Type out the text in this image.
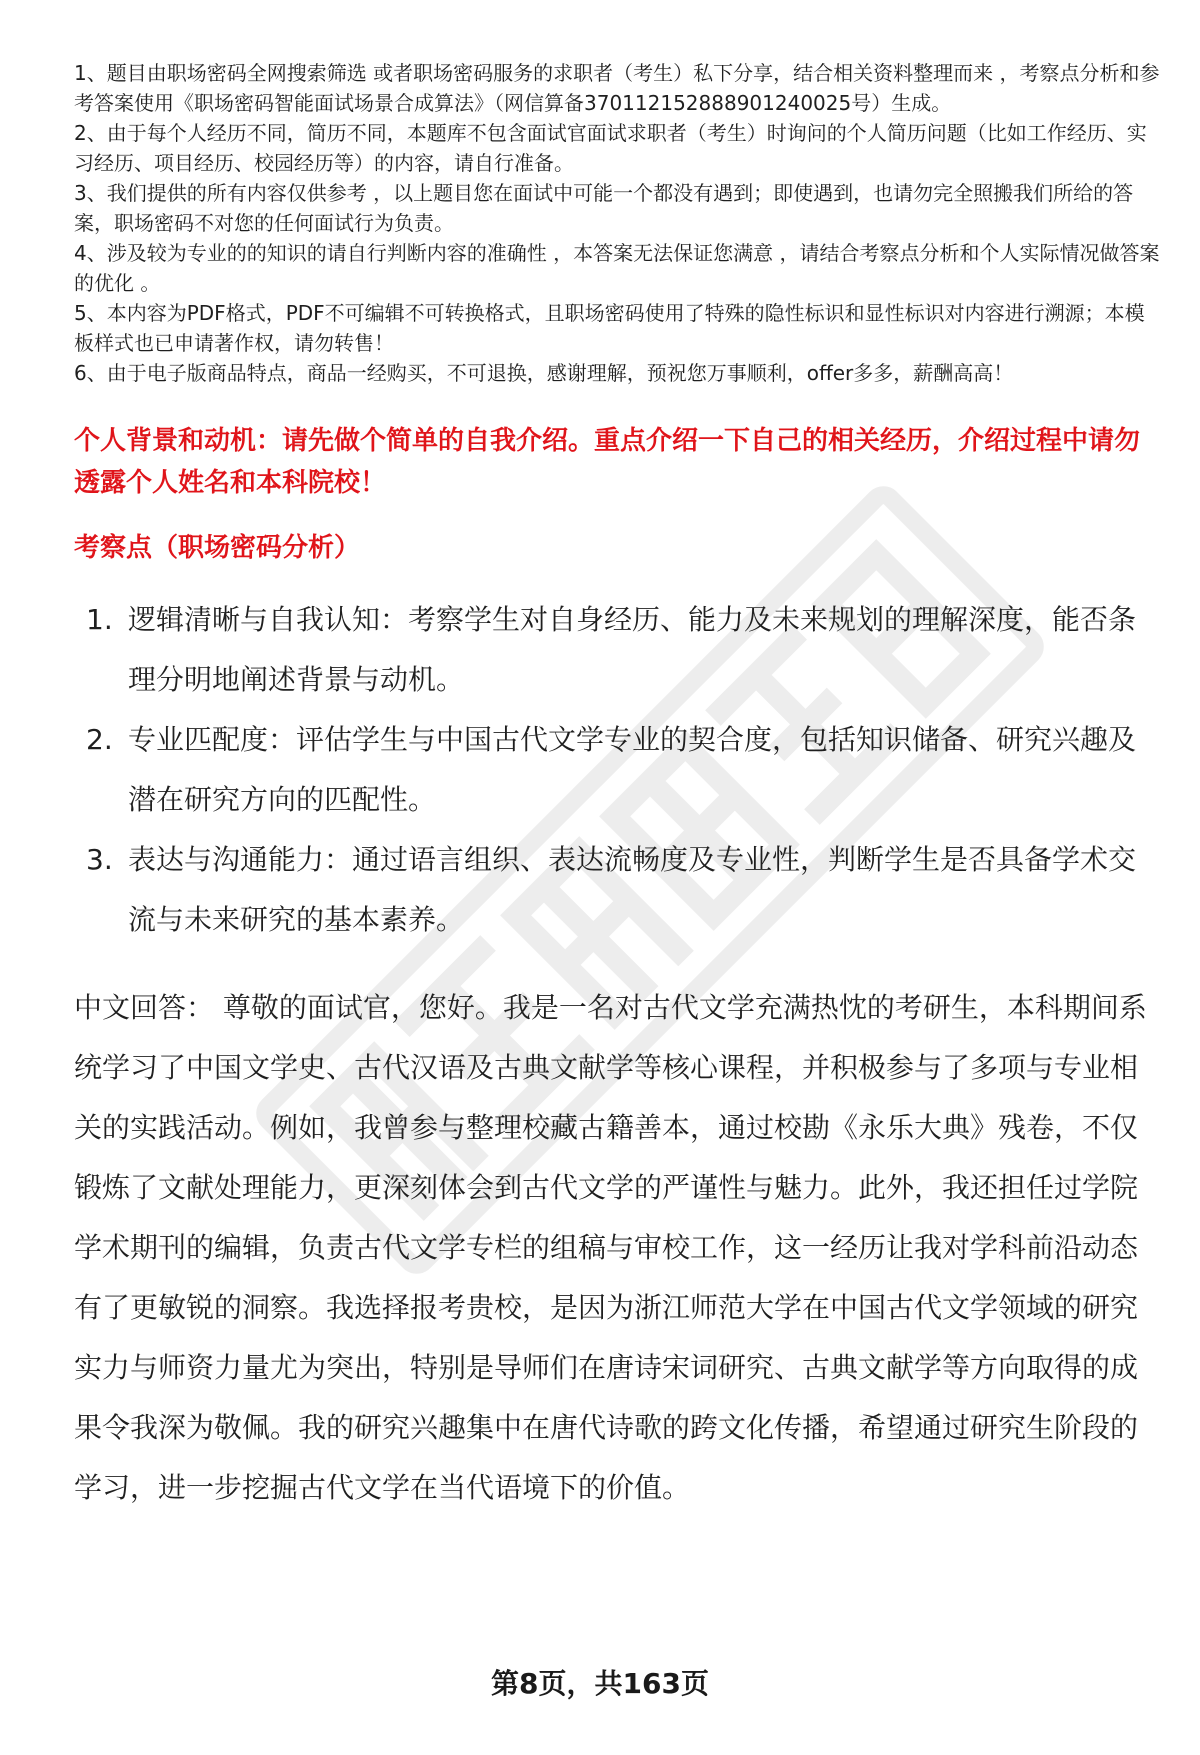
1、题目由职场密码全网搜索筛选 或者职场密码服务的求职者（考生）私下分享，结合相关资料整理而来 ，考察点分析和参考答案使用《职场密码智能面试场景合成算法》（网信算备370112152888901240025号）生成。
2、由于每个人经历不同，简历不同，本题库不包含面试官面试求职者（考生）时询问的个人简历问题（比如工作经历、实习经历、项目经历、校园经历等）的内容，请自行准备。
3、我们提供的所有内容仅供参考 ，以上题目您在面试中可能一个都没有遇到；即使遇到，也请勿完全照搬我们所给的答案，职场密码不对您的任何面试行为负责。
4、涉及较为专业的的知识的请自行判断内容的准确性 ，本答案无法保证您满意 ，请结合考察点分析和个人实际情况做答案的优化 。
5、本内容为PDF格式，PDF不可编辑不可转换格式，且职场密码使用了特殊的隐性标识和显性标识对内容进行溯源；本模板样式也已申请著作权，请勿转售！
6、由于电子版商品特点，商品一经购买，不可退换，感谢理解，预祝您万事顺利，offer多多，薪酬高高！
个人背景和动机：请先做个简单的自我介绍。重点介绍一下自己的相关经历，介绍过程中请勿透露个人姓名和本科院校！
考察点（职场密码分析）
1. 逻辑清晰与自我认知：考察学生对自身经历、能力及未来规划的理解深度，能否条理分明地阐述背景与动机。
2. 专业匹配度：评估学生与中国古代文学专业的契合度，包括知识储备、研究兴趣及潜在研究方向的匹配性。
3. 表达与沟通能力：通过语言组织、表达流畅度及专业性，判断学生是否具备学术交流与未来研究的基本素养。
中文回答： 尊敬的面试官，您好。我是一名对古代文学充满热忱的考研生，本科期间系统学习了中国文学史、古代汉语及古典文献学等核心课程，并积极参与了多项与专业相关的实践活动。例如，我曾参与整理校藏古籍善本，通过校勘《永乐大典》残卷，不仅锻炼了文献处理能力，更深刻体会到古代文学的严谨性与魅力。此外，我还担任过学院学术期刊的编辑，负责古代文学专栏的组稿与审校工作，这一经历让我对学科前沿动态有了更敏锐的洞察。我选择报考贵校，是因为浙江师范大学在中国古代文学领域的研究实力与师资力量尤为突出，特别是导师们在唐诗宋词研究、古典文献学等方向取得的成果令我深为敬佩。我的研究兴趣集中在唐代诗歌的跨文化传播，希望通过研究生阶段的学习，进一步挖掘古代文学在当代语境下的价值。
第8页，共163页
